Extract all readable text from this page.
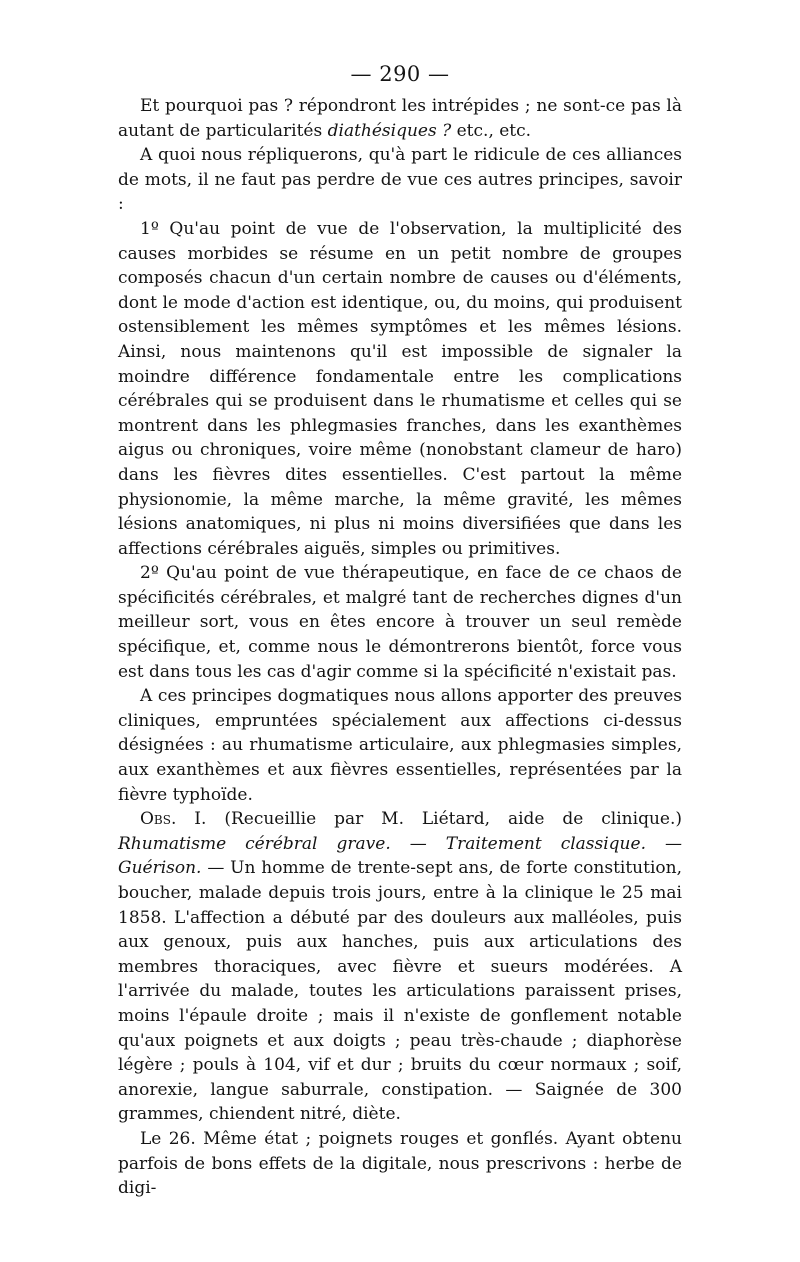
— 290 —

Et pourquoi pas ? répondront les intrépides ; ne sont-ce pas là autant de particularités diathésiques ? etc., etc.

A quoi nous répliquerons, qu'à part le ridicule de ces alliances de mots, il ne faut pas perdre de vue ces autres principes, savoir :

1º Qu'au point de vue de l'observation, la multiplicité des causes morbides se résume en un petit nombre de groupes composés chacun d'un certain nombre de causes ou d'éléments, dont le mode d'action est identique, ou, du moins, qui produisent ostensiblement les mêmes symptômes et les mêmes lésions. Ainsi, nous maintenons qu'il est impossible de signaler la moindre différence fondamentale entre les complications cérébrales qui se produisent dans le rhumatisme et celles qui se montrent dans les phlegmasies franches, dans les exanthèmes aigus ou chroniques, voire même (nonobstant clameur de haro) dans les fièvres dites essentielles. C'est partout la même physionomie, la même marche, la même gravité, les mêmes lésions anatomiques, ni plus ni moins diversifiées que dans les affections cérébrales aiguës, simples ou primitives.

2º Qu'au point de vue thérapeutique, en face de ce chaos de spécificités cérébrales, et malgré tant de recherches dignes d'un meilleur sort, vous en êtes encore à trouver un seul remède spécifique, et, comme nous le démontrerons bientôt, force vous est dans tous les cas d'agir comme si la spécificité n'existait pas.

A ces principes dogmatiques nous allons apporter des preuves cliniques, empruntées spécialement aux affections ci-dessus désignées : au rhumatisme articulaire, aux phlegmasies simples, aux exanthèmes et aux fièvres essentielles, représentées par la fièvre typhoïde.

Obs. I. (Recueillie par M. Liétard, aide de clinique.) Rhumatisme cérébral grave. — Traitement classique. — Guérison. — Un homme de trente-sept ans, de forte constitution, boucher, malade depuis trois jours, entre à la clinique le 25 mai 1858. L'affection a débuté par des douleurs aux malléoles, puis aux genoux, puis aux hanches, puis aux articulations des membres thoraciques, avec fièvre et sueurs modérées. A l'arrivée du malade, toutes les articulations paraissent prises, moins l'épaule droite ; mais il n'existe de gonflement notable qu'aux poignets et aux doigts ; peau très-chaude ; diaphorèse légère ; pouls à 104, vif et dur ; bruits du cœur normaux ; soif, anorexie, langue saburrale, constipation. — Saignée de 300 grammes, chiendent nitré, diète.

Le 26. Même état ; poignets rouges et gonflés. Ayant obtenu parfois de bons effets de la digitale, nous prescrivons : herbe de digi-
